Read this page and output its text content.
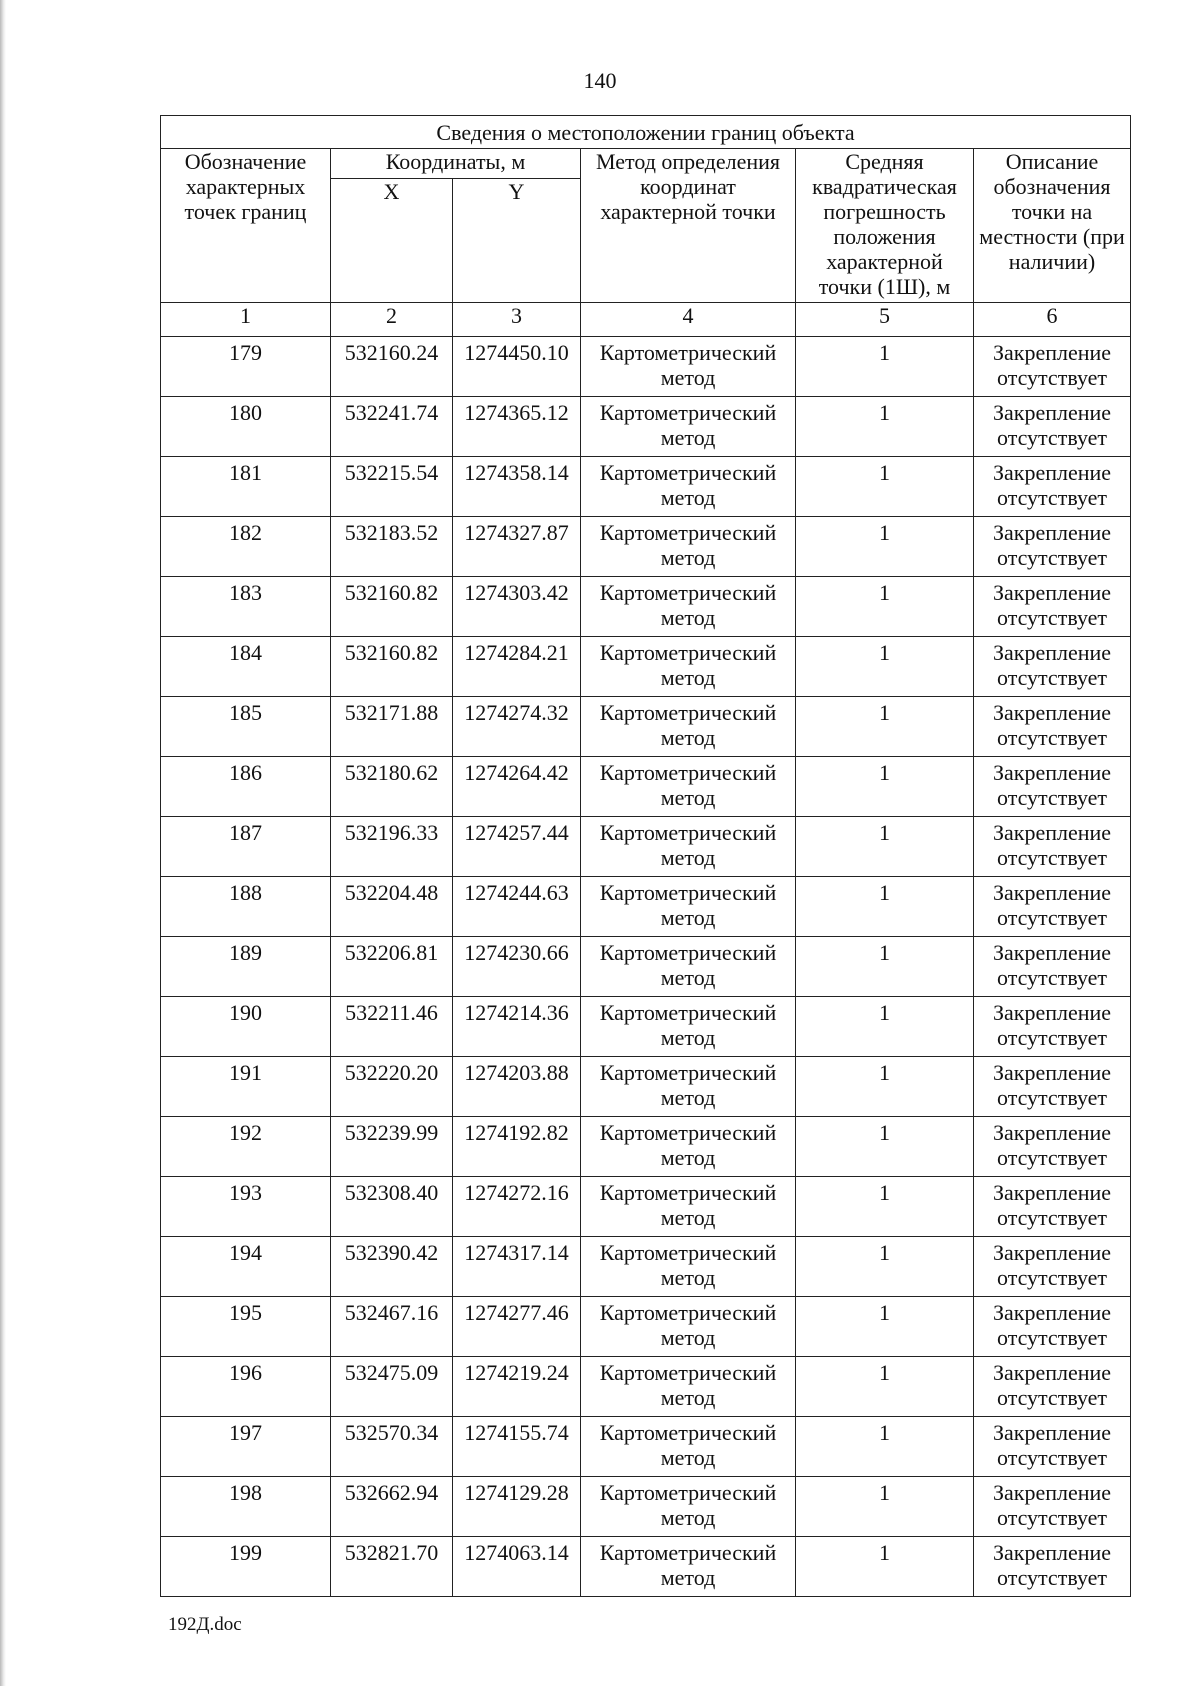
140
Сведения о местоположении границ объекта					
Обозначение характерных точек границ	Координаты, м		Метод определения координат характерной точки	Средняя квадратическая погрешность положения характерной точки (1Ш), м	Описание обозначения точки на местности (при наличии)
	X	Y			
1	2	3	4	5	6
179	532160.24	1274450.10	Картометрический метод	1	Закрепление отсутствует
180	532241.74	1274365.12	Картометрический метод	1	Закрепление отсутствует
181	532215.54	1274358.14	Картометрический метод	1	Закрепление отсутствует
182	532183.52	1274327.87	Картометрический метод	1	Закрепление отсутствует
183	532160.82	1274303.42	Картометрический метод	1	Закрепление отсутствует
184	532160.82	1274284.21	Картометрический метод	1	Закрепление отсутствует
185	532171.88	1274274.32	Картометрический метод	1	Закрепление отсутствует
186	532180.62	1274264.42	Картометрический метод	1	Закрепление отсутствует
187	532196.33	1274257.44	Картометрический метод	1	Закрепление отсутствует
188	532204.48	1274244.63	Картометрический метод	1	Закрепление отсутствует
189	532206.81	1274230.66	Картометрический метод	1	Закрепление отсутствует
190	532211.46	1274214.36	Картометрический метод	1	Закрепление отсутствует
191	532220.20	1274203.88	Картометрический метод	1	Закрепление отсутствует
192	532239.99	1274192.82	Картометрический метод	1	Закрепление отсутствует
193	532308.40	1274272.16	Картометрический метод	1	Закрепление отсутствует
194	532390.42	1274317.14	Картометрический метод	1	Закрепление отсутствует
195	532467.16	1274277.46	Картометрический метод	1	Закрепление отсутствует
196	532475.09	1274219.24	Картометрический метод	1	Закрепление отсутствует
197	532570.34	1274155.74	Картометрический метод	1	Закрепление отсутствует
198	532662.94	1274129.28	Картометрический метод	1	Закрепление отсутствует
199	532821.70	1274063.14	Картометрический метод	1	Закрепление отсутствует
192Д.doc
